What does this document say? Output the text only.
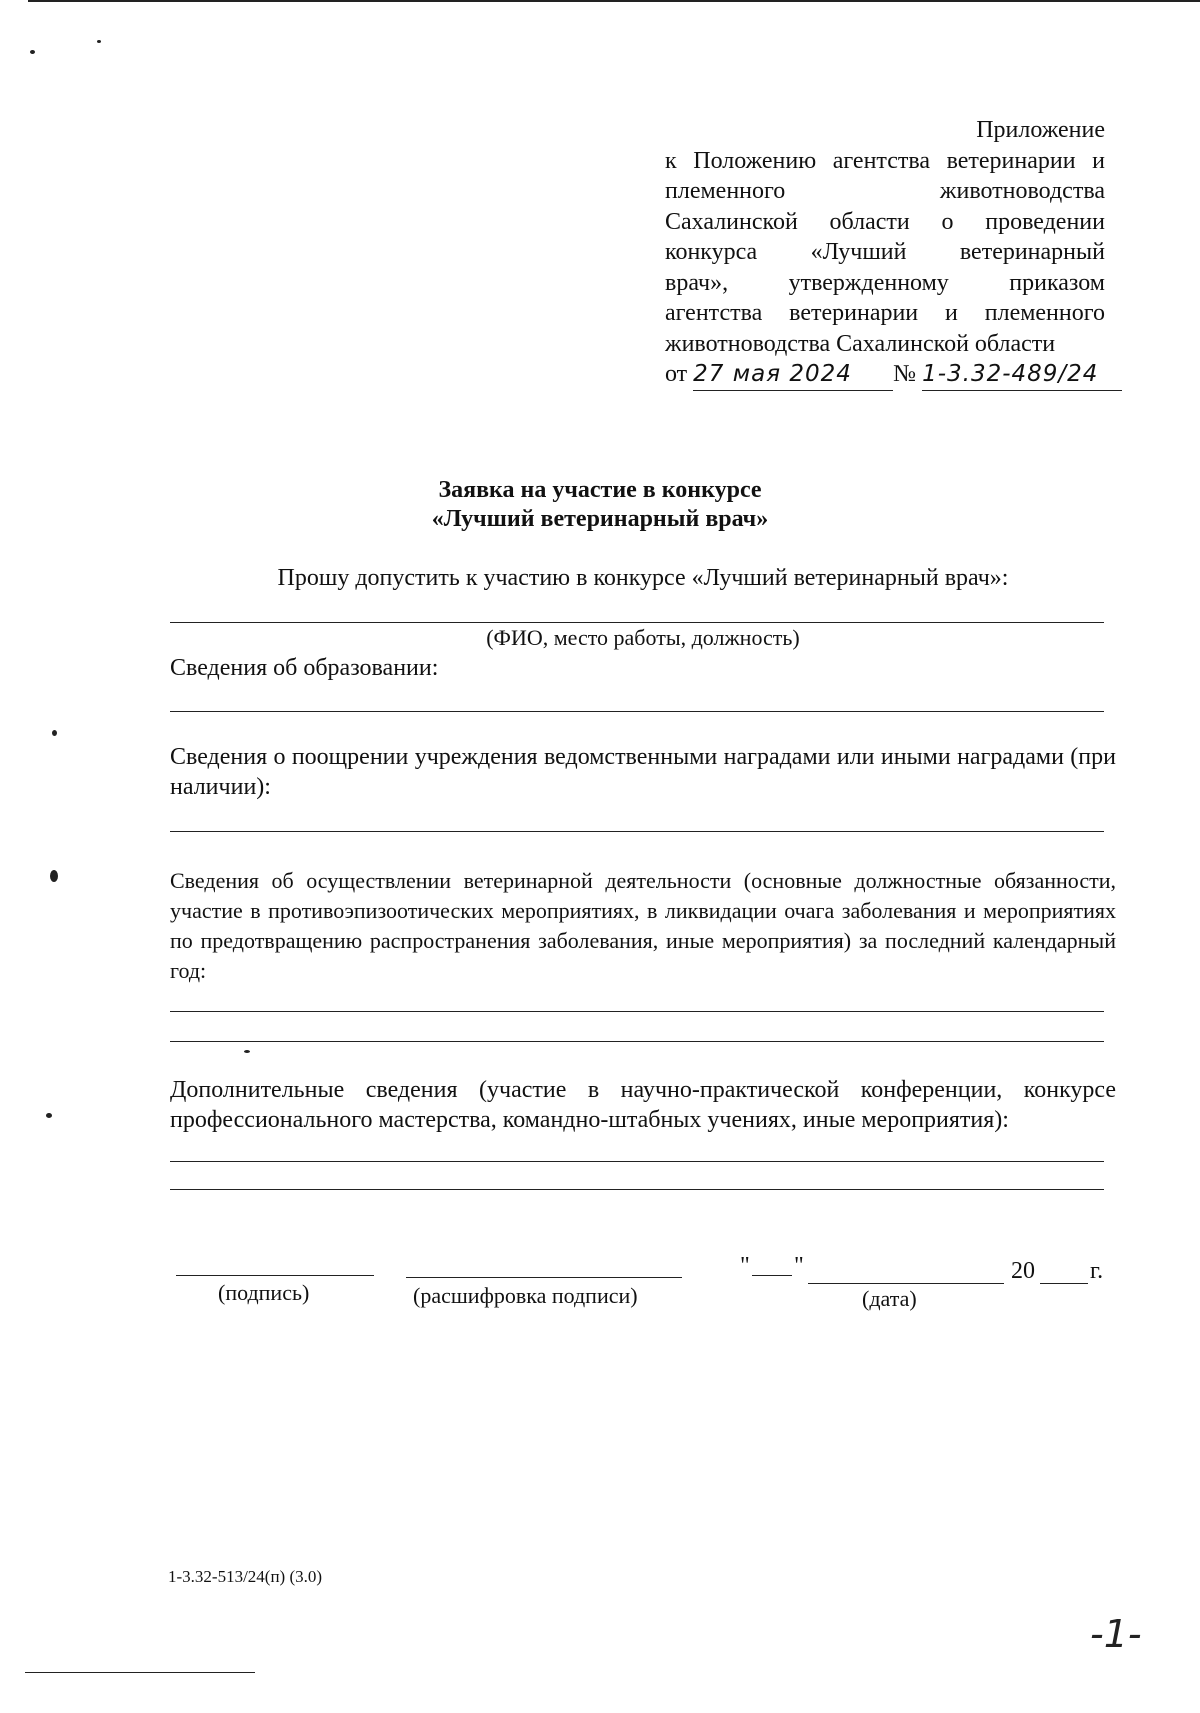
Приложение
к Положению агентства ветеринарии и
племенного животноводства
Сахалинской области о проведении
конкурса «Лучший ветеринарный
врач», утвержденному приказом
агентства ветеринарии и племенного
животноводства Сахалинской области
от 27 мая 2024 № 1-3.32-489/24
Заявка на участие в конкурсе
«Лучший ветеринарный врач»
Прошу допустить к участию в конкурсе «Лучший ветеринарный врач»:
(ФИО, место работы, должность)
Сведения об образовании:
Сведения о поощрении учреждения ведомственными наградами или иными наградами (при наличии):
Сведения об осуществлении ветеринарной деятельности (основные должностные обязанности, участие в противоэпизоотических мероприятиях, в ликвидации очага заболевания и мероприятиях по предотвращению распространения заболевания, иные мероприятия) за последний календарный год:
Дополнительные сведения (участие в научно-практической конференции, конкурсе профессионального мастерства, командно-штабных учениях, иные мероприятия):
(подпись)	(расшифровка подписи)
" "	20 г.
(дата)
1-3.32-513/24(п) (3.0)
-1-
